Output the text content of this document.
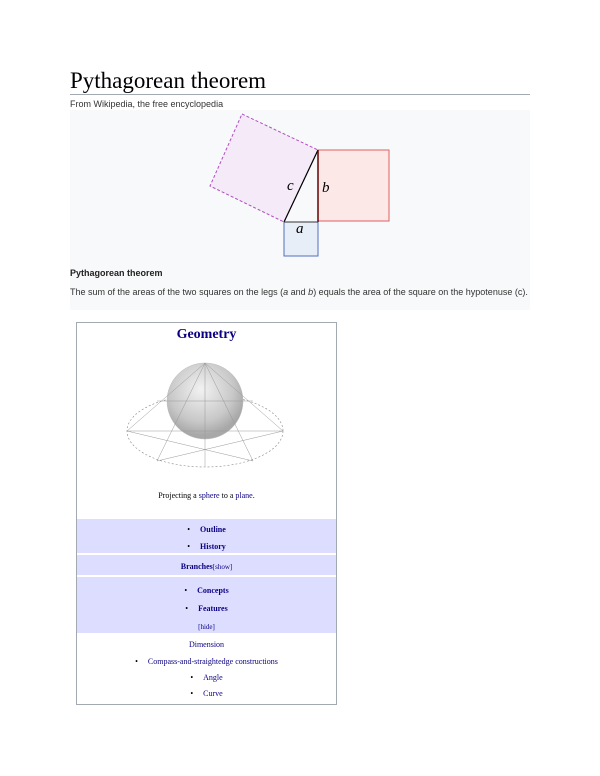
Pythagorean theorem
From Wikipedia, the free encyclopedia
c b
a
Pythagorean theorem
The sum of the areas of the two squares on the legs (a and b) equals the area of the square on the hypotenuse (c).
Geometry
Projecting a sphere to a plane.
• Outline
• History
Branches[show]
• Concepts
• Features
[hide]
Dimension
• Compass-and-straightedge constructions
• Angle
• Curve
